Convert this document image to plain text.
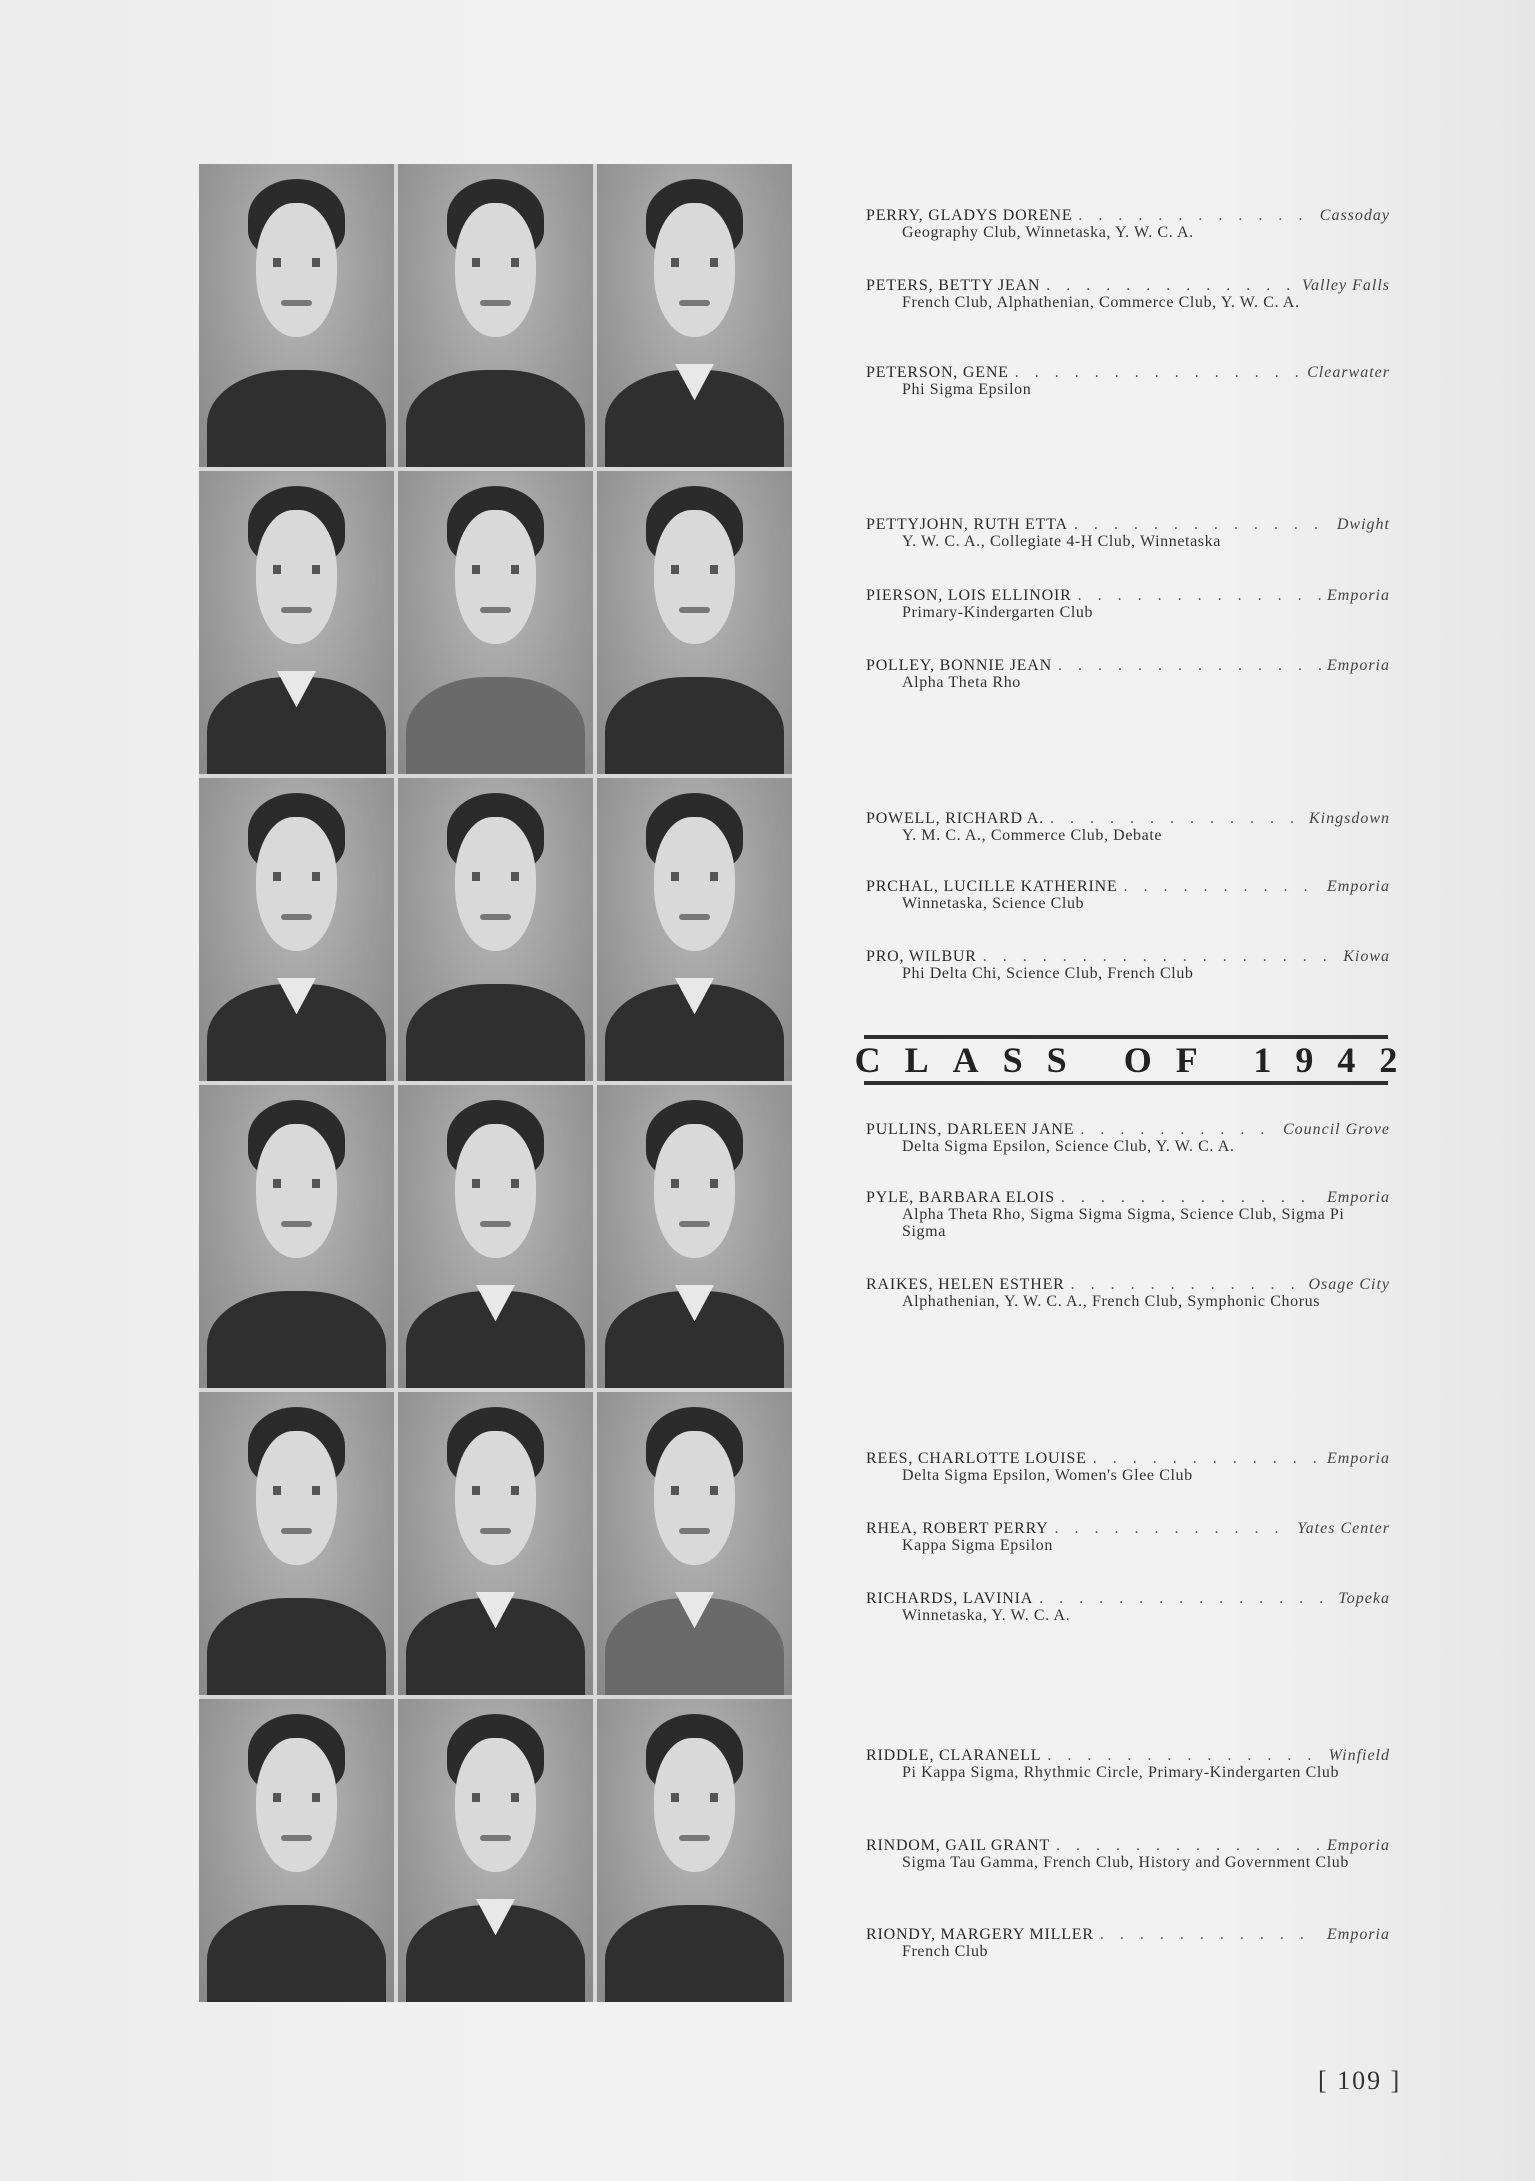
PERRY, GLADYS DORENE . . .	Cassoday
Geography Club, Winnetaska, Y. W. C. A.
PETERS, BETTY JEAN . . .	Valley Falls
French Club, Alphathenian, Commerce Club, Y. W. C. A.
PETERSON, GENE . . .	Clearwater
Phi Sigma Epsilon
PETTYJOHN, RUTH ETTA . . .	Dwight
Y. W. C. A., Collegiate 4-H Club, Winnetaska
PIERSON, LOIS ELLINOIR . . .	Emporia
Primary-Kindergarten Club
POLLEY, BONNIE JEAN . . .	Emporia
Alpha Theta Rho
POWELL, RICHARD A. . . .	Kingsdown
Y. M. C. A., Commerce Club, Debate
PRCHAL, LUCILLE KATHERINE . . .	Emporia
Winnetaska, Science Club
PRO, WILBUR . . .	Kiowa
Phi Delta Chi, Science Club, French Club
CLASS OF 1942
PULLINS, DARLEEN JANE . . .	Council Grove
Delta Sigma Epsilon, Science Club, Y. W. C. A.
PYLE, BARBARA ELOIS . . .	Emporia
Alpha Theta Rho, Sigma Sigma Sigma, Science Club, Sigma Pi Sigma
RAIKES, HELEN ESTHER . . .	Osage City
Alphathenian, Y. W. C. A., French Club, Symphonic Chorus
REES, CHARLOTTE LOUISE . . .	Emporia
Delta Sigma Epsilon, Women's Glee Club
RHEA, ROBERT PERRY . . .	Yates Center
Kappa Sigma Epsilon
RICHARDS, LAVINIA . . .	Topeka
Winnetaska, Y. W. C. A.
RIDDLE, CLARANELL . . .	Winfield
Pi Kappa Sigma, Rhythmic Circle, Primary-Kindergarten Club
RINDOM, GAIL GRANT . . .	Emporia
Sigma Tau Gamma, French Club, History and Government Club
RIONDY, MARGERY MILLER . . .	Emporia
French Club
[ 109 ]
